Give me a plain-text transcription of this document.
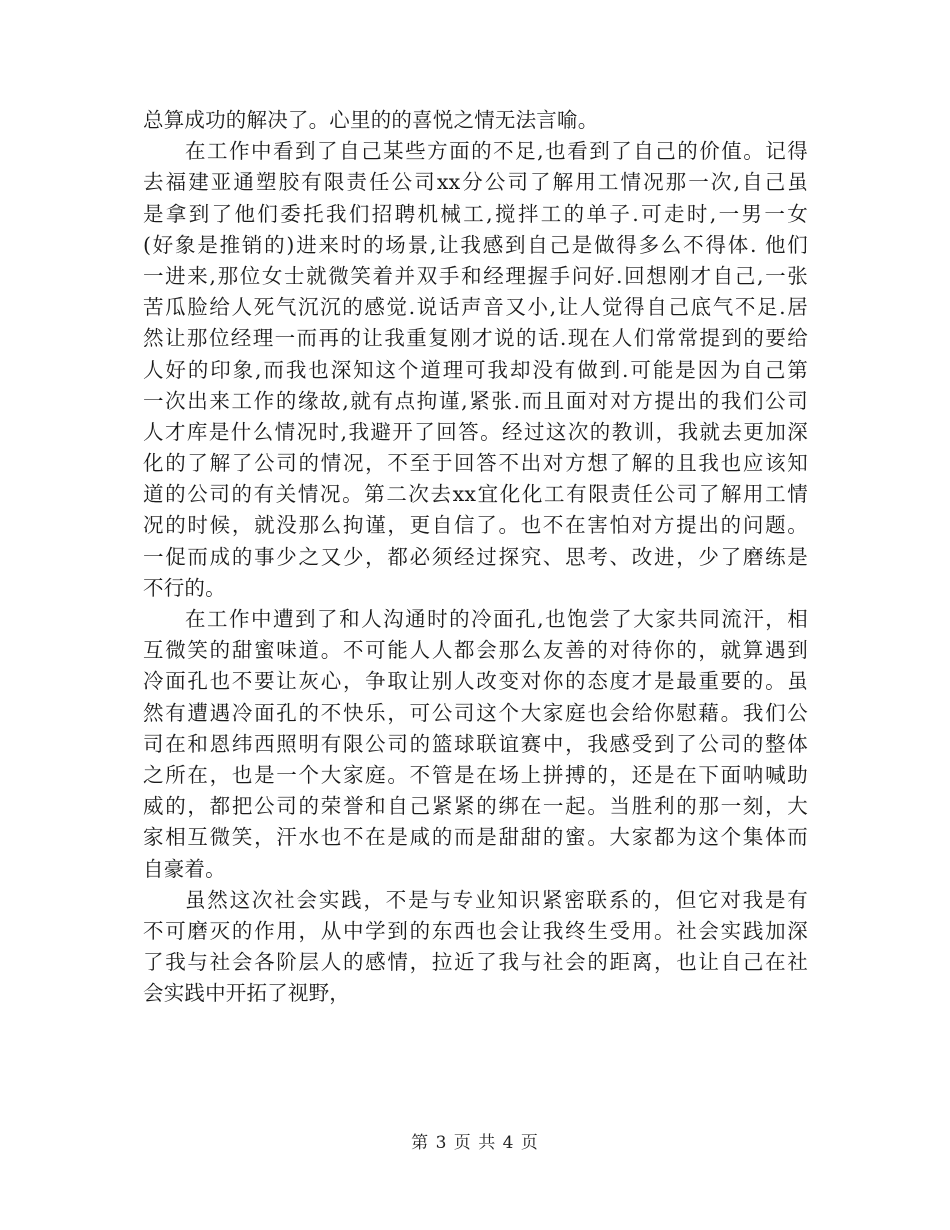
总算成功的解决了。心里的的喜悦之情无法言喻。
在工作中看到了自己某些方面的不足,也看到了自己的价值。记得
去福建亚通塑胶有限责任公司xx分公司了解用工情况那一次,自己虽
是拿到了他们委托我们招聘机械工,搅拌工的单子.可走时,一男一女
(好象是推销的)进来时的场景,让我感到自己是做得多么不得体. 他们
一进来,那位女士就微笑着并双手和经理握手问好.回想刚才自己,一张
苦瓜脸给人死气沉沉的感觉.说话声音又小,让人觉得自己底气不足.居
然让那位经理一而再的让我重复刚才说的话.现在人们常常提到的要给
人好的印象,而我也深知这个道理可我却没有做到.可能是因为自己第
一次出来工作的缘故,就有点拘谨,紧张.而且面对对方提出的我们公司
人才库是什么情况时,我避开了回答。经过这次的教训，我就去更加深
化的了解了公司的情况，不至于回答不出对方想了解的且我也应该知
道的公司的有关情况。第二次去xx宜化化工有限责任公司了解用工情
况的时候，就没那么拘谨，更自信了。也不在害怕对方提出的问题。
一促而成的事少之又少，都必须经过探究、思考、改进，少了磨练是
不行的。
在工作中遭到了和人沟通时的冷面孔,也饱尝了大家共同流汗，相
互微笑的甜蜜味道。不可能人人都会那么友善的对待你的，就算遇到
冷面孔也不要让灰心，争取让别人改变对你的态度才是最重要的。虽
然有遭遇冷面孔的不快乐，可公司这个大家庭也会给你慰藉。我们公
司在和恩纬西照明有限公司的篮球联谊赛中，我感受到了公司的整体
之所在，也是一个大家庭。不管是在场上拼搏的，还是在下面呐喊助
威的，都把公司的荣誉和自己紧紧的绑在一起。当胜利的那一刻，大
家相互微笑，汗水也不在是咸的而是甜甜的蜜。大家都为这个集体而
自豪着。
虽然这次社会实践，不是与专业知识紧密联系的，但它对我是有
不可磨灭的作用，从中学到的东西也会让我终生受用。社会实践加深
了我与社会各阶层人的感情，拉近了我与社会的距离，也让自己在社
会实践中开拓了视野，
第 3 页 共 4 页
